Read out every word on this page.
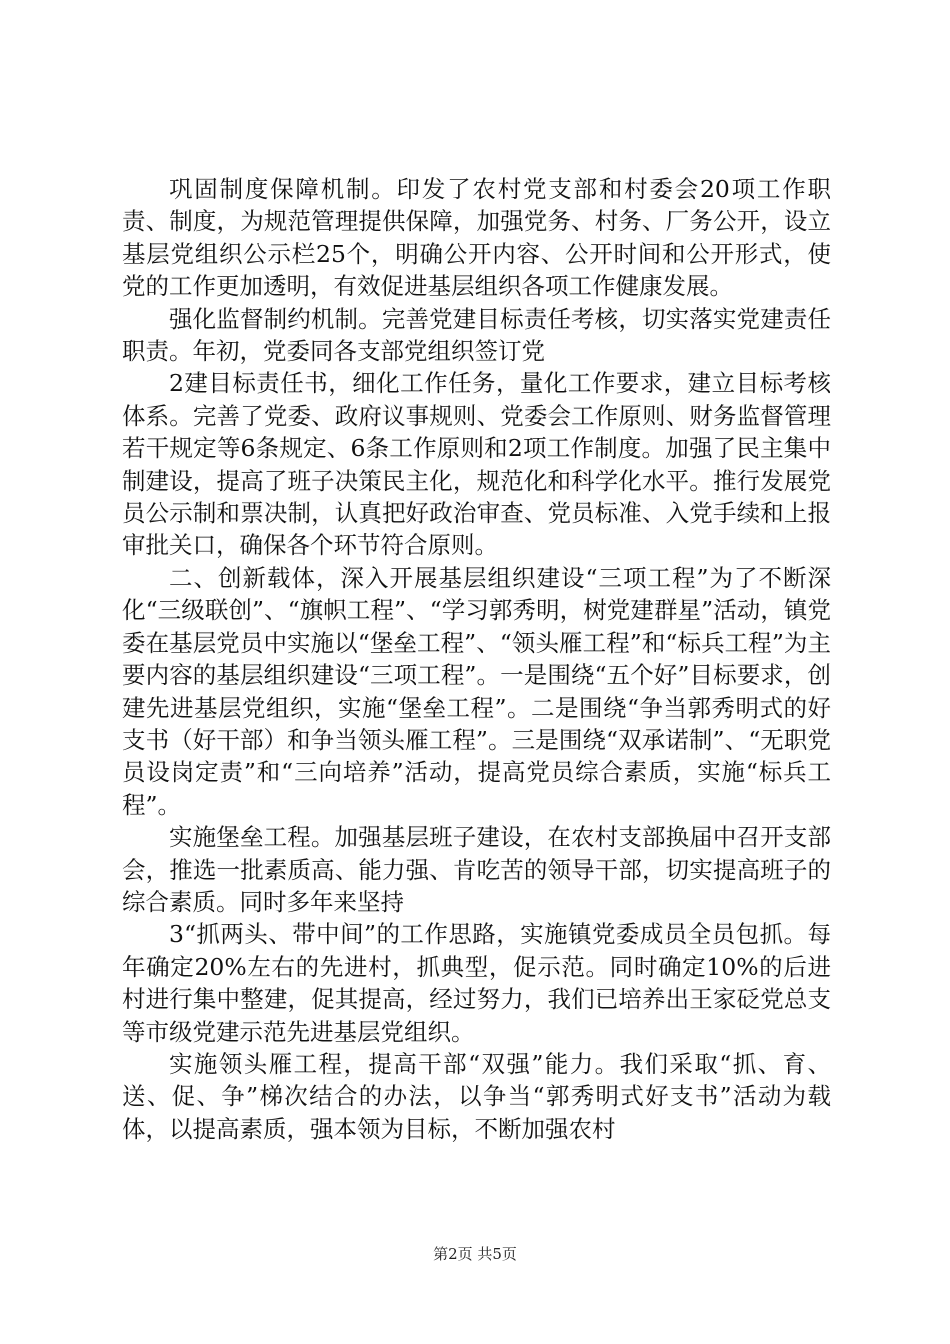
巩固制度保障机制。印发了农村党支部和村委会20项工作职责、制度，为规范管理提供保障，加强党务、村务、厂务公开，设立基层党组织公示栏25个，明确公开内容、公开时间和公开形式，使党的工作更加透明，有效促进基层组织各项工作健康发展。

强化监督制约机制。完善党建目标责任考核，切实落实党建责任职责。年初，党委同各支部党组织签订党

2建目标责任书，细化工作任务，量化工作要求，建立目标考核体系。完善了党委、政府议事规则、党委会工作原则、财务监督管理若干规定等6条规定、6条工作原则和2项工作制度。加强了民主集中制建设，提高了班子决策民主化，规范化和科学化水平。推行发展党员公示制和票决制，认真把好政治审查、党员标准、入党手续和上报审批关口，确保各个环节符合原则。

二、创新载体，深入开展基层组织建设“三项工程”为了不断深化“三级联创”、“旗帜工程”、“学习郭秀明，树党建群星”活动，镇党委在基层党员中实施以“堡垒工程”、“领头雁工程”和“标兵工程”为主要内容的基层组织建设“三项工程”。一是围绕“五个好”目标要求，创建先进基层党组织，实施“堡垒工程”。二是围绕“争当郭秀明式的好支书（好干部）和争当领头雁工程”。三是围绕“双承诺制”、“无职党员设岗定责”和“三向培养”活动，提高党员综合素质，实施“标兵工程”。

实施堡垒工程。加强基层班子建设，在农村支部换届中召开支部会，推选一批素质高、能力强、肯吃苦的领导干部，切实提高班子的综合素质。同时多年来坚持

3“抓两头、带中间”的工作思路，实施镇党委成员全员包抓。每年确定20%左右的先进村，抓典型，促示范。同时确定10%的后进村进行集中整建，促其提高，经过努力，我们已培养出王家砭党总支等市级党建示范先进基层党组织。

实施领头雁工程，提高干部“双强”能力。我们采取“抓、育、送、促、争”梯次结合的办法，以争当“郭秀明式好支书”活动为载体，以提高素质，强本领为目标，不断加强农村

第2页 共5页
